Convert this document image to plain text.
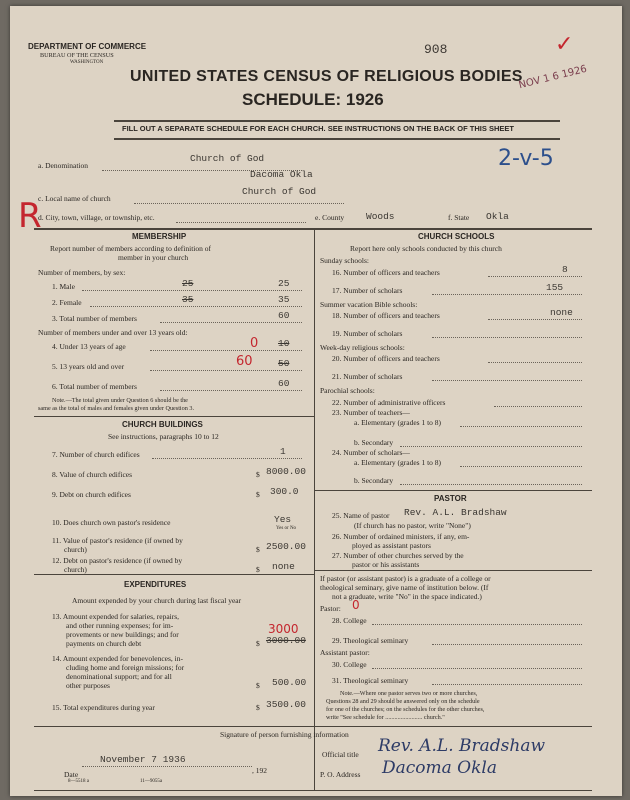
DEPARTMENT OF COMMERCE
BUREAU OF THE CENSUS
WASHINGTON
UNITED STATES CENSUS OF RELIGIOUS BODIES
SCHEDULE: 1926
908	✓
NOV 1 6 1926
FILL OUT A SEPARATE SCHEDULE FOR EACH CHURCH. SEE INSTRUCTIONS ON THE BACK OF THIS SHEET
a. Denomination
Church of God	2-v-5
Dacoma Okla
c. Local name of church
Church of God
R
d. City, town, village, or township, etc.	e. County Woods	f. State Okla
MEMBERSHIP
Report number of members according to definition of
member in your church
Number of members, by sex:
1. Male	25	25
2. Female	35	35
3. Total number of members	60
Number of members under and over 13 years old:
4. Under 13 years of age	0 10
5. 13 years old and over	60	50
6. Total number of members	60
Note.—The total given under Question 6 should be the
same as the total of males and females given under Question 3.
CHURCH BUILDINGS
See instructions, paragraphs 10 to 12
7. Number of church edifices	1
8. Value of church edifices	$ 8000.00
9. Debt on church edifices	$ 300.0
10. Does church own pastor's residence	Yes
Yes or No
11. Value of pastor's residence (if owned by
church)	$ 2500.00
12. Debt on pastor's residence (if owned by
church)	$ none
EXPENDITURES
Amount expended by your church during last fiscal year
13. Amount expended for salaries, repairs,
and other running expenses; for im-
provements or new buildings; and for
payments on church debt
3000
$ 3000.00
14. Amount expended for benevolences, in-
cluding home and foreign missions; for
denominational support; and for all
other purposes	$ 500.00
15. Total expenditures during year	$ 3500.00
CHURCH SCHOOLS
Report here only schools conducted by this church
Sunday schools:
16. Number of officers and teachers	8
17. Number of scholars	155
Summer vacation Bible schools:
18. Number of officers and teachers	none
19. Number of scholars
Week-day religious schools:
20. Number of officers and teachers
21. Number of scholars
Parochial schools:
22. Number of administrative officers
23. Number of teachers—
a. Elementary (grades 1 to 8)
b. Secondary
24. Number of scholars—
a. Elementary (grades 1 to 8)
b. Secondary
PASTOR
25. Name of pastor Rev. A.L. Bradshaw
(If church has no pastor, write "None")
26. Number of ordained ministers, if any, em-
ployed as assistant pastors
27. Number of other churches served by the
pastor or his assistants
If pastor (or assistant pastor) is a graduate of a college or
theological seminary, give name of institution below. (If
not a graduate, write "No" in the space indicated.)
Pastor: 0
28. College
29. Theological seminary
Assistant pastor:
30. College
31. Theological seminary
Note.—Where one pastor serves two or more churches,
Questions 28 and 29 should be answered only on the schedule
for one of the churches; on the schedules for the other churches,
write "See schedule for ........................ church."
Signature of person furnishing information
Official title Rev. A.L. Bradshaw
Date
November 7 1936
, 192	P. O. Address Dacoma Okla
8—5518 a	11—9055a
